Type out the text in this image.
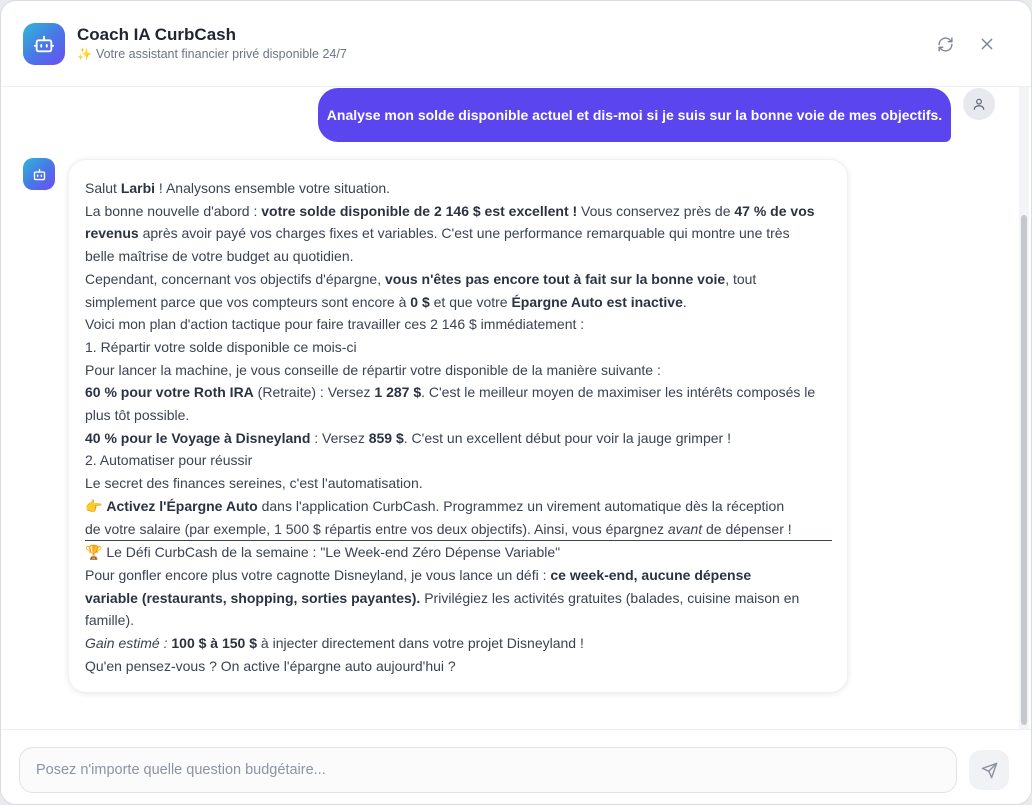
Coach IA CurbCash
✨ Votre assistant financier privé disponible 24/7
Analyse mon solde disponible actuel et dis-moi si je suis sur la bonne voie de mes objectifs.

Salut Larbi ! Analysons ensemble votre situation.

La bonne nouvelle d'abord : votre solde disponible de 2 146 $ est excellent ! Vous conservez près de 47 % de vos

revenus après avoir payé vos charges fixes et variables. C'est une performance remarquable qui montre une très

belle maîtrise de votre budget au quotidien.

Cependant, concernant vos objectifs d'épargne, vous n'êtes pas encore tout à fait sur la bonne voie, tout

simplement parce que vos compteurs sont encore à 0 $ et que votre Épargne Auto est inactive.

Voici mon plan d'action tactique pour faire travailler ces 2 146 $ immédiatement :

1. Répartir votre solde disponible ce mois-ci

Pour lancer la machine, je vous conseille de répartir votre disponible de la manière suivante :

60 % pour votre Roth IRA (Retraite) : Versez 1 287 $. C'est le meilleur moyen de maximiser les intérêts composés le

plus tôt possible.

40 % pour le Voyage à Disneyland : Versez 859 $. C'est un excellent début pour voir la jauge grimper !

2. Automatiser pour réussir

Le secret des finances sereines, c'est l'automatisation.

👉 Activez l'Épargne Auto dans l'application CurbCash. Programmez un virement automatique dès la réception

de votre salaire (par exemple, 1 500 $ répartis entre vos deux objectifs). Ainsi, vous épargnez avant de dépenser !

🏆 Le Défi CurbCash de la semaine : "Le Week-end Zéro Dépense Variable"

Pour gonfler encore plus votre cagnotte Disneyland, je vous lance un défi : ce week-end, aucune dépense

variable (restaurants, shopping, sorties payantes). Privilégiez les activités gratuites (balades, cuisine maison en

famille).

Gain estimé : 100 $ à 150 $ à injecter directement dans votre projet Disneyland !

Qu'en pensez-vous ? On active l'épargne auto aujourd'hui ?

Posez n'importe quelle question budgétaire...
